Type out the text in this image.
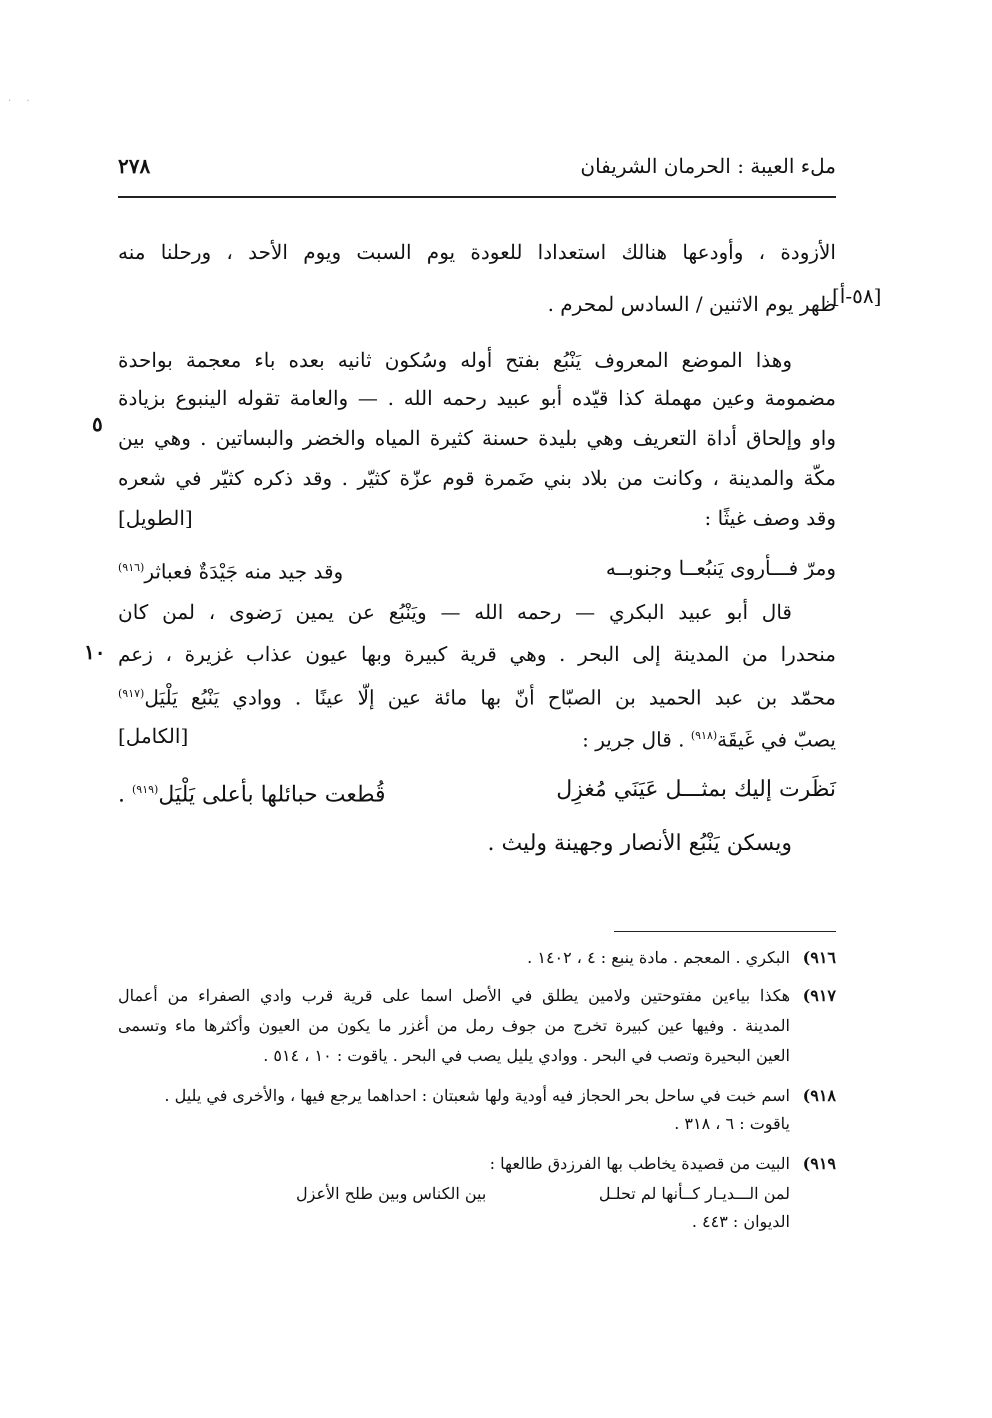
· ·
ملء العيبة : الحرمان الشريفان
٢٧٨
[٥٨-أ]
٥
١٠
الأزودة ، وأودعها هنالك استعدادا للعودة يوم السبت ويوم الأحد ، ورحلنا منه
ظهر يوم الاثنين / السادس لمحرم .
وهذا الموضع المعروف يَنْبُع بفتح أوله وسُكون ثانيه بعده باء معجمة بواحدة
مضمومة وعين مهملة كذا قيّده أبو عبيد رحمه الله . — والعامة تقوله الينبوع بزيادة
واو وإلحاق أداة التعريف وهي بليدة حسنة كثيرة المياه والخضر والبساتين . وهي بين
مكّة والمدينة ، وكانت من بلاد بني ضَمرة قوم عزّة كثيّر . وقد ذكره كثيّر في شعره
وقد وصف غيثًا :
[الطويل]
ومرّ فـــأروى يَنبُعــا وجنوبــه
وقد جيد منه جَيْدَةٌ فعباثر$^{(٩١٦)}$
قال أبو عبيد البكري — رحمه الله — ويَنْبُع عن يمين رَضوى ، لمن كان
منحدرا من المدينة إلى البحر . وهي قرية كبيرة وبها عيون عذاب غزيرة ، زعم
محمّد بن عبد الحميد بن الصبّاح أنّ بها مائة عين إلّا عينًا . ووادي يَنْبُع يَلْيَل$^{(٩١٧)}$
يصبّ في غَيقَة$^{(٩١٨)}$ . قال جرير :
[الكامل]
نَظَرت إليك بمثـــل عَيَنَي مُغزِل
قُطعت حبائلها بأعلى يَلْيَل$^{(٩١٩)}$ .
ويسكن يَنْبُع الأنصار وجهينة وليث .
٩١٦)
البكري . المعجم . مادة ينبع : ٤ ، ١٤٠٢ .
٩١٧)
هكذا بياءين مفتوحتين ولامين يطلق في الأصل اسما على قرية قرب وادي الصفراء من أعمال
المدينة . وفيها عين كبيرة تخرج من جوف رمل من أغزر ما يكون من العيون وأكثرها ماء وتسمى
العين البحيرة وتصب في البحر . ووادي يليل يصب في البحر . ياقوت : ١٠ ، ٥١٤ .
٩١٨)
اسم خبت في ساحل بحر الحجاز فيه أودية ولها شعبتان : احداهما يرجع فيها ، والأخرى في يليل .
ياقوت : ٦ ، ٣١٨ .
٩١٩)
البيت من قصيدة يخاطب بها الفرزدق طالعها :
لمن الـــديـار كــأنها لم تحلـل
بين الكناس وبين طلح الأعزل
الديوان : ٤٤٣ .
